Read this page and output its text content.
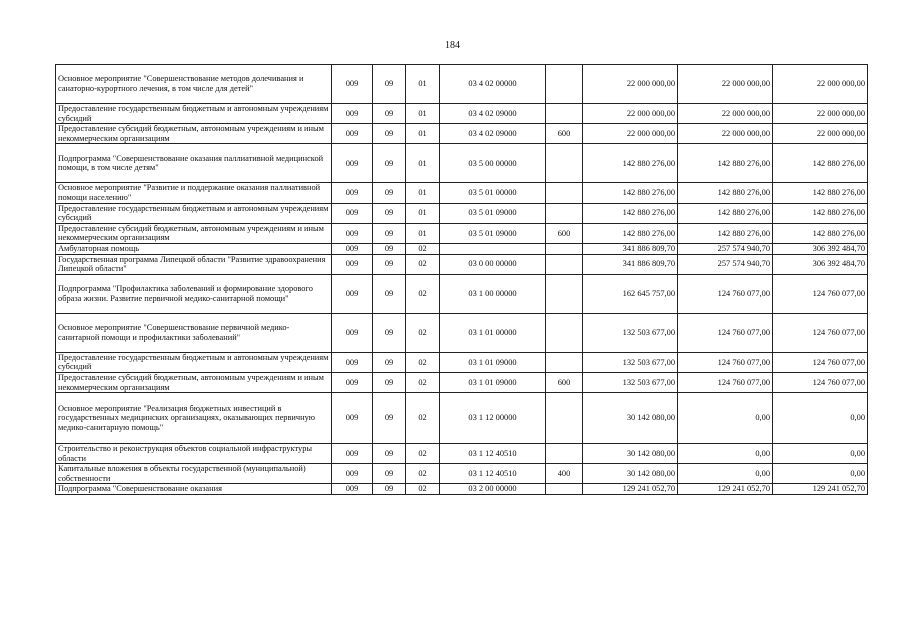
184
Основное мероприятие "Совершенствование методов долечивания и санаторно-курортного лечения, в том числе для детей"	009	09	01	03 4 02 00000		22 000 000,00	22 000 000,00	22 000 000,00
Предоставление государственным бюджетным и автономным учреждениям субсидий	009	09	01	03 4 02 09000		22 000 000,00	22 000 000,00	22 000 000,00
Предоставление субсидий бюджетным, автономным учреждениям и иным некоммерческим организациям	009	09	01	03 4 02 09000	600	22 000 000,00	22 000 000,00	22 000 000,00
Подпрограмма "Совершенствование оказания паллиативной медицинской помощи, в том числе детям"	009	09	01	03 5 00 00000		142 880 276,00	142 880 276,00	142 880 276,00
Основное мероприятие "Развитие и поддержание оказания паллиативной помощи населению"	009	09	01	03 5 01 00000		142 880 276,00	142 880 276,00	142 880 276,00
Предоставление государственным бюджетным и автономным учреждениям субсидий	009	09	01	03 5 01 09000		142 880 276,00	142 880 276,00	142 880 276,00
Предоставление субсидий бюджетным, автономным учреждениям и иным некоммерческим организациям	009	09	01	03 5 01 09000	600	142 880 276,00	142 880 276,00	142 880 276,00
Амбулаторная помощь	009	09	02			341 886 809,70	257 574 940,70	306 392 484,70
Государственная программа Липецкой области "Развитие здравоохранения Липецкой области"	009	09	02	03 0 00 00000		341 886 809,70	257 574 940,70	306 392 484,70
Подпрограмма "Профилактика заболеваний и формирование здорового образа жизни. Развитие первичной медико-санитарной помощи"	009	09	02	03 1 00 00000		162 645 757,00	124 760 077,00	124 760 077,00
Основное мероприятие "Совершенствование первичной медико-санитарной помощи и профилактики заболеваний"	009	09	02	03 1 01 00000		132 503 677,00	124 760 077,00	124 760 077,00
Предоставление государственным бюджетным и автономным учреждениям субсидий	009	09	02	03 1 01 09000		132 503 677,00	124 760 077,00	124 760 077,00
Предоставление субсидий бюджетным, автономным учреждениям и иным некоммерческим организациям	009	09	02	03 1 01 09000	600	132 503 677,00	124 760 077,00	124 760 077,00
Основное мероприятие "Реализация бюджетных инвестиций в государственных медицинских организациях, оказывающих первичную медико-санитарную помощь"	009	09	02	03 1 12 00000		30 142 080,00	0,00	0,00
Строительство и реконструкция объектов социальной инфраструктуры области	009	09	02	03 1 12 40510		30 142 080,00	0,00	0,00
Капитальные вложения в объекты государственной (муниципальной) собственности	009	09	02	03 1 12 40510	400	30 142 080,00	0,00	0,00
Подпрограмма "Совершенствование оказания	009	09	02	03 2 00 00000		129 241 052,70	129 241 052,70	129 241 052,70
